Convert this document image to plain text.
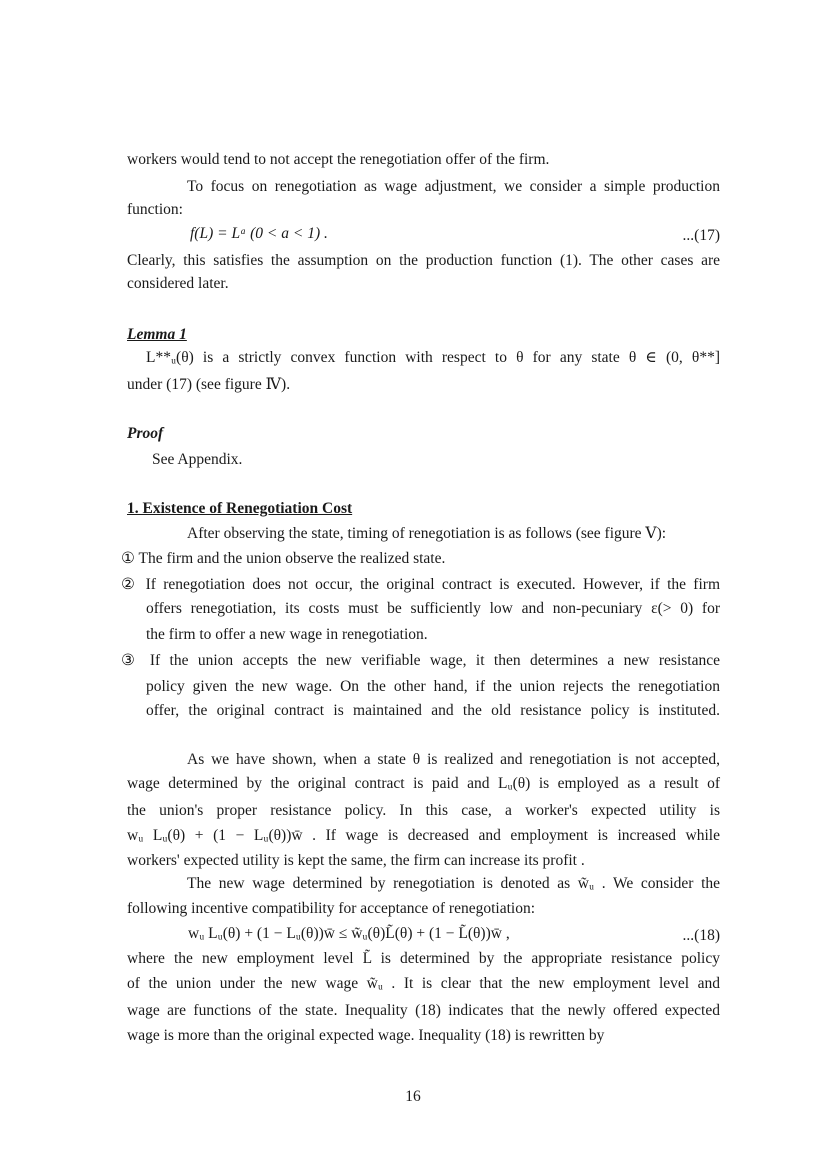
workers would tend to not accept the renegotiation offer of the firm.
To focus on renegotiation as wage adjustment, we consider a simple production
function:
f(L) = Lᵃ (0 < a < 1) .	...(17)
Clearly, this satisfies the assumption on the production function (1). The other cases are
considered later.
Lemma 1
L**ᵤ(θ) is a strictly convex function with respect to θ for any state θ ∈ (0, θ**]
under (17) (see figure Ⅳ).
Proof
See Appendix.
1. Existence of Renegotiation Cost
After observing the state, timing of renegotiation is as follows (see figure Ⅴ):
① The firm and the union observe the realized state.
② If renegotiation does not occur, the original contract is executed. However, if the firm
offers renegotiation, its costs must be sufficiently low and non-pecuniary ε(> 0) for
the firm to offer a new wage in renegotiation.
③ If the union accepts the new verifiable wage, it then determines a new resistance
policy given the new wage. On the other hand, if the union rejects the renegotiation
offer, the original contract is maintained and the old resistance policy is instituted.
As we have shown, when a state θ is realized and renegotiation is not accepted,
wage determined by the original contract is paid and Lᵤ(θ) is employed as a result of
the union's proper resistance policy. In this case, a worker's expected utility is
wᵤ Lᵤ(θ) + (1 − Lᵤ(θ))w̄ . If wage is decreased and employment is increased while
workers' expected utility is kept the same, the firm can increase its profit .
The new wage determined by renegotiation is denoted as w̃ᵤ . We consider the
following incentive compatibility for acceptance of renegotiation:
wᵤ Lᵤ(θ) + (1 − Lᵤ(θ))w̄ ≤ w̃ᵤ(θ)L̃(θ) + (1 − L̃(θ))w̄ ,	...(18)
where the new employment level L̃ is determined by the appropriate resistance policy
of the union under the new wage w̃ᵤ . It is clear that the new employment level and
wage are functions of the state. Inequality (18) indicates that the newly offered expected
wage is more than the original expected wage. Inequality (18) is rewritten by
16
